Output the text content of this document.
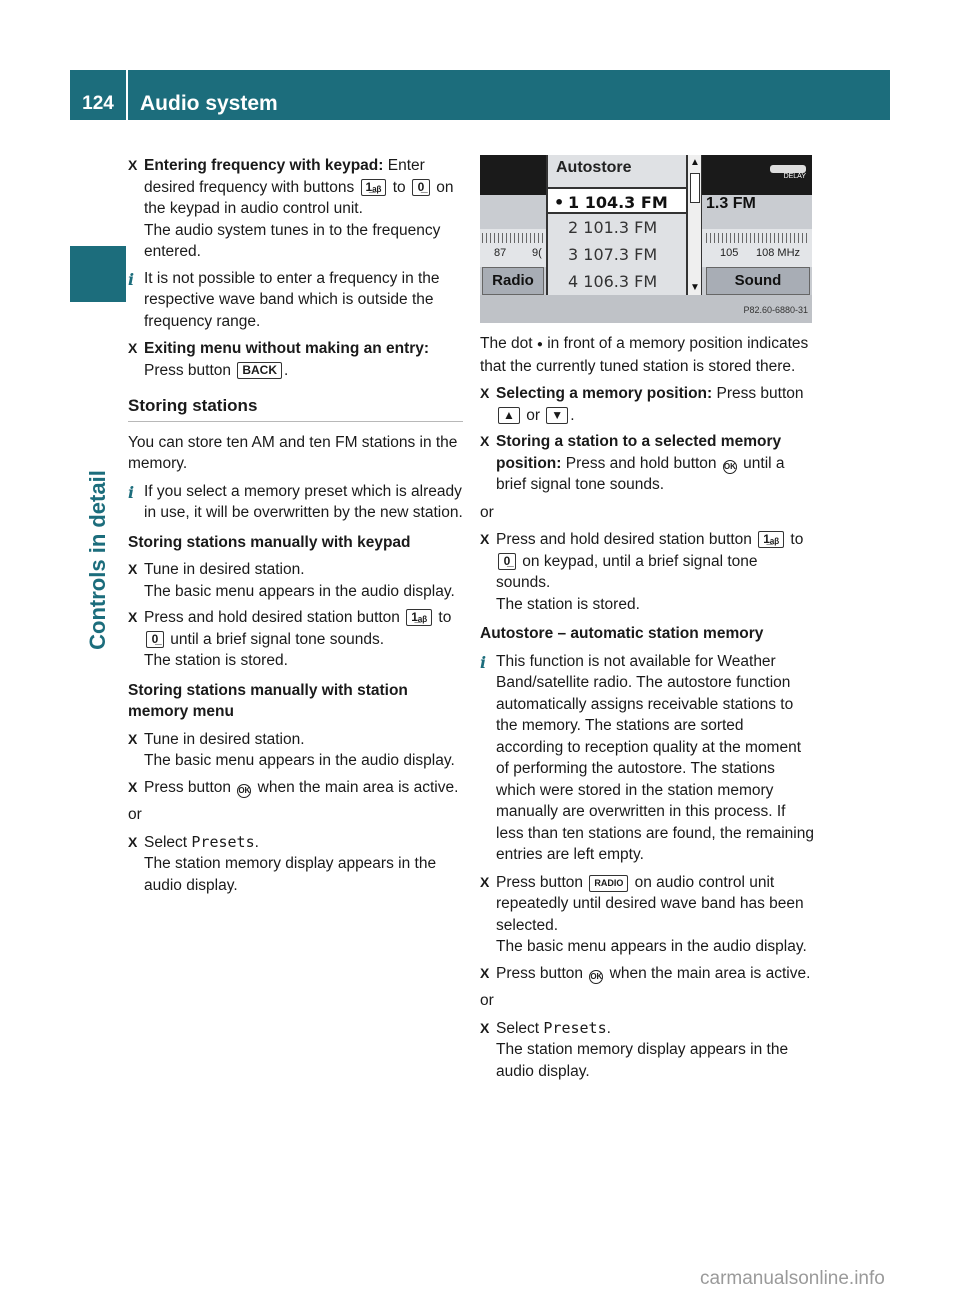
124	Audio system
Controls in detail
X Entering frequency with keypad: Enter desired frequency with buttons 1̲ₐᵦ to 0̲ on the keypad in audio control unit.
The audio system tunes in to the frequency entered.
i It is not possible to enter a frequency in the respective wave band which is outside the frequency range.
X Exiting menu without making an entry:
Press button BACK .
Storing stations
You can store ten AM and ten FM stations in the memory.
i If you select a memory preset which is already in use, it will be overwritten by the new station.
Storing stations manually with keypad
X Tune in desired station.
The basic menu appears in the audio display.
X Press and hold desired station button 1̲ₐᵦ to 0̲ until a brief signal tone sounds.
The station is stored.
Storing stations manually with station memory menu
X Tune in desired station.
The basic menu appears in the audio display.
X Press button OK when the main area is active.
or
X Select Presets.
The station memory display appears in the audio display.
DELAY
1.3 FM
87 9(	105 108 MHz
Radio	Sound
Autostore
• 1 104.3 FM
2 101.3 FM
3 107.3 FM
4 106.3 FM
▲
▼
P82.60-6880-31
The dot ● in front of a memory position indicates that the currently tuned station is stored there.
X Selecting a memory position: Press button ▲ or ▼ .
X Storing a station to a selected memory position: Press and hold button OK until a brief signal tone sounds.
or
X Press and hold desired station button 1̲ₐᵦ to 0̲ on keypad, until a brief signal tone sounds.
The station is stored.
Autostore – automatic station memory
i This function is not available for Weather Band/satellite radio. The autostore function automatically assigns receivable stations to the memory. The stations are sorted according to reception quality at the moment of performing the autostore. The stations which were stored in the station memory manually are overwritten in this process. If less than ten stations are found, the remaining entries are left empty.
X Press button RADIO on audio control unit repeatedly until desired wave band has been selected.
The basic menu appears in the audio display.
X Press button OK when the main area is active.
or
X Select Presets.
The station memory display appears in the audio display.
carmanualsonline.info
